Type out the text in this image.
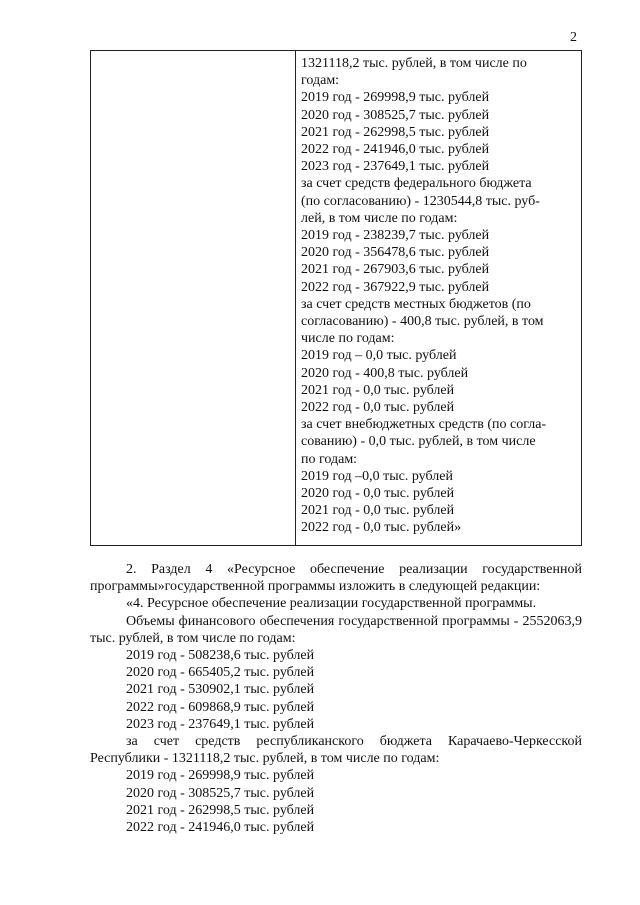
2
1321118,2 тыс. рублей, в том числе по
годам:
2019 год - 269998,9 тыс. рублей
2020 год - 308525,7 тыс. рублей
2021 год - 262998,5 тыс. рублей
2022 год - 241946,0 тыс. рублей
2023 год - 237649,1 тыс. рублей
за счет средств федерального бюджета
(по согласованию) - 1230544,8 тыс. руб-
лей, в том числе по годам:
2019 год - 238239,7 тыс. рублей
2020 год - 356478,6 тыс. рублей
2021 год - 267903,6 тыс. рублей
2022 год - 367922,9 тыс. рублей
за счет средств местных бюджетов (по
согласованию) - 400,8 тыс. рублей, в том
числе по годам:
2019 год – 0,0 тыс. рублей
2020 год - 400,8 тыс. рублей
2021 год - 0,0 тыс. рублей
2022 год - 0,0 тыс. рублей
за счет внебюджетных средств (по согла-
сованию) - 0,0 тыс. рублей, в том числе
по годам:
2019 год –0,0 тыс. рублей
2020 год - 0,0 тыс. рублей
2021 год - 0,0 тыс. рублей
2022 год - 0,0 тыс. рублей»
2. Раздел 4 «Ресурсное обеспечение реализации государственной программы»государственной программы изложить в следующей редакции:
«4. Ресурсное обеспечение реализации государственной программы.
Объемы финансового обеспечения государственной программы - 2552063,9 тыс. рублей, в том числе по годам:
2019 год - 508238,6 тыс. рублей
2020 год - 665405,2 тыс. рублей
2021 год - 530902,1 тыс. рублей
2022 год - 609868,9 тыс. рублей
2023 год - 237649,1 тыс. рублей
за счет средств республиканского бюджета Карачаево-Черкесской Республики - 1321118,2 тыс. рублей, в том числе по годам:
2019 год - 269998,9 тыс. рублей
2020 год - 308525,7 тыс. рублей
2021 год - 262998,5 тыс. рублей
2022 год - 241946,0 тыс. рублей
